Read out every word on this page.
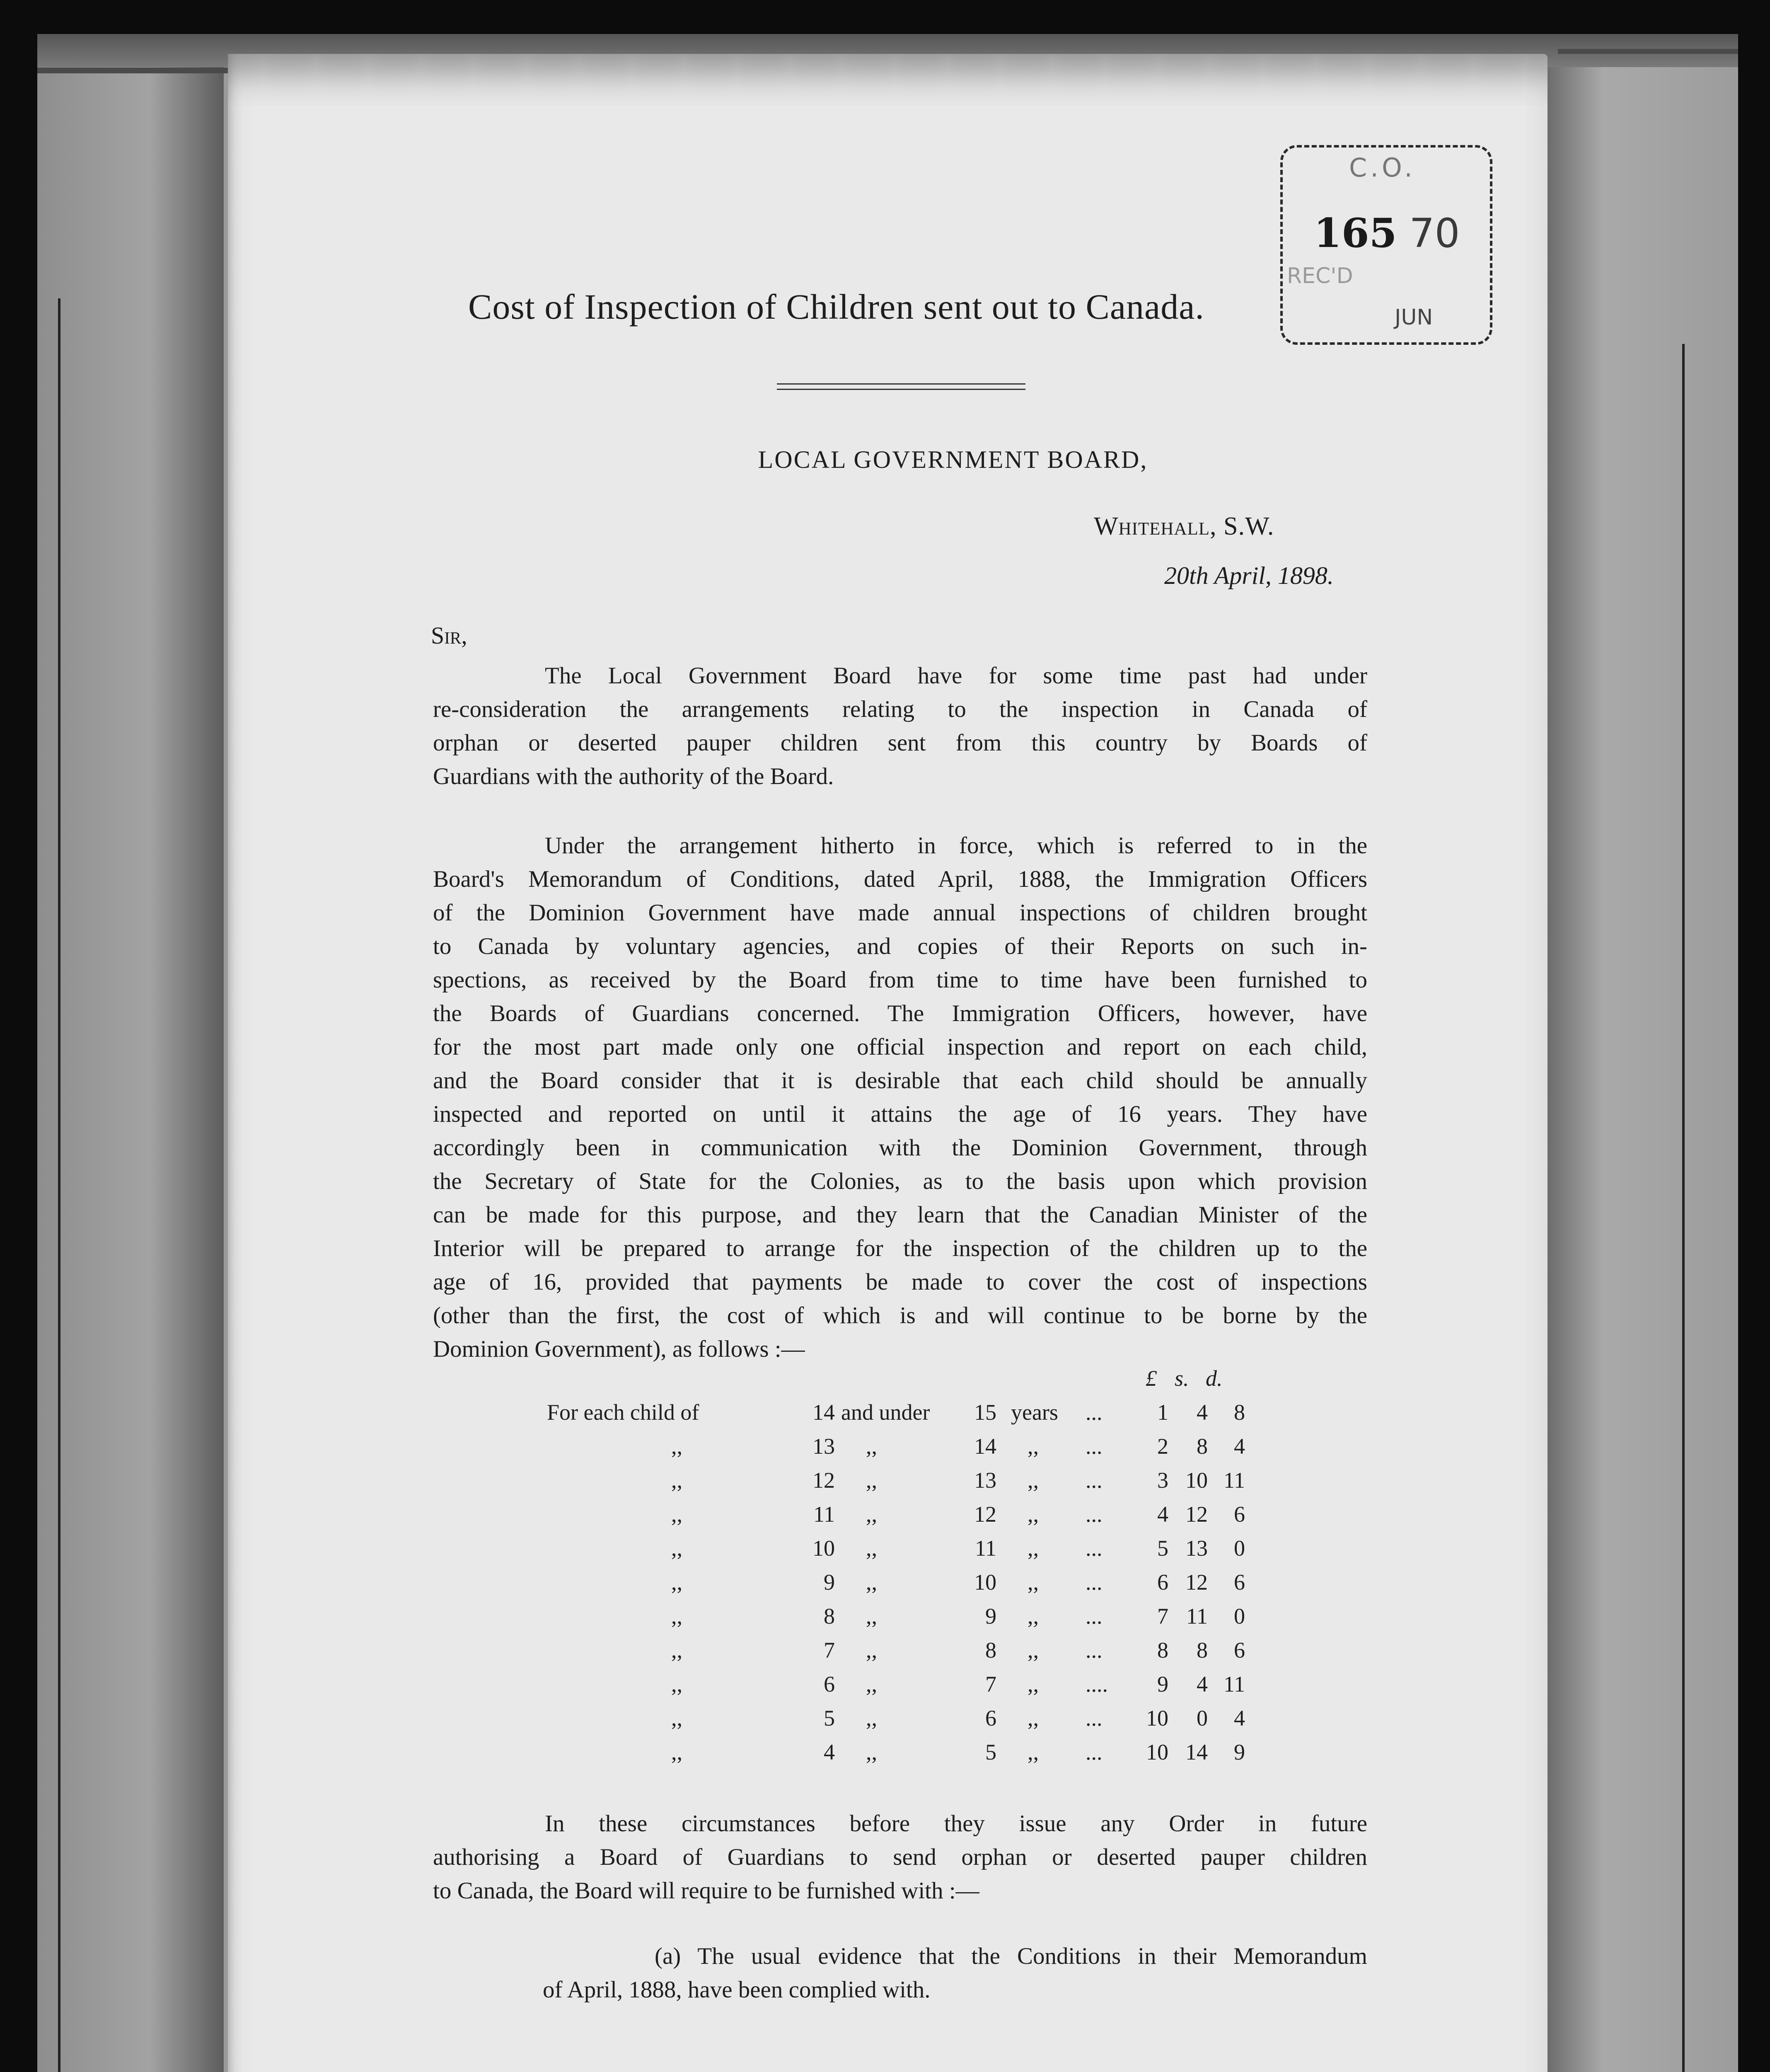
C.O.
165 70
REC'D
JUN
Cost of Inspection of Children sent out to Canada.
LOCAL GOVERNMENT BOARD,
Whitehall, S.W.
20th April, 1898.
Sir,
The Local Government Board have for some time past had under
re-consideration the arrangements relating to the inspection in Canada of
orphan or deserted pauper children sent from this country by Boards of
Guardians with the authority of the Board.
Under the arrangement hitherto in force, which is referred to in the
Board's Memorandum of Conditions, dated April, 1888, the Immigration Officers
of the Dominion Government have made annual inspections of children brought
to Canada by voluntary agencies, and copies of their Reports on such in-
spections, as received by the Board from time to time have been furnished to
the Boards of Guardians concerned. The Immigration Officers, however, have
for the most part made only one official inspection and report on each child,
and the Board consider that it is desirable that each child should be annually
inspected and reported on until it attains the age of 16 years. They have
accordingly been in communication with the Dominion Government, through
the Secretary of State for the Colonies, as to the basis upon which provision
can be made for this purpose, and they learn that the Canadian Minister of the
Interior will be prepared to arrange for the inspection of the children up to the
age of 16, provided that payments be made to cover the cost of inspections
(other than the first, the cost of which is and will continue to be borne by the
Dominion Government), as follows :—
£ s. d.
For each child of	14 and under	15 years ...	1	4	8
,,	13 ,,	14 ,, ...	2	8	4
,,	12 ,,	13 ,, ...	3 10 11
,,	11 ,,	12 ,, ...	4 12	6
,,	10 ,,	11 ,, ...	5 13	0
,,	9 ,,	10 ,, ...	6 12	6
,,	8 ,,	9 ,, ...	7 11	0
,,	7 ,,	8 ,, ...	8	8	6
,,	6 ,,	7 ,, ....	9	4 11
,,	5 ,,	6 ,, ...	10	0	4
,,	4 ,,	5 ,, ...	10 14	9
In these circumstances before they issue any Order in future
authorising a Board of Guardians to send orphan or deserted pauper children
to Canada, the Board will require to be furnished with :—
(a) The usual evidence that the Conditions in their Memorandum
of April, 1888, have been complied with.
